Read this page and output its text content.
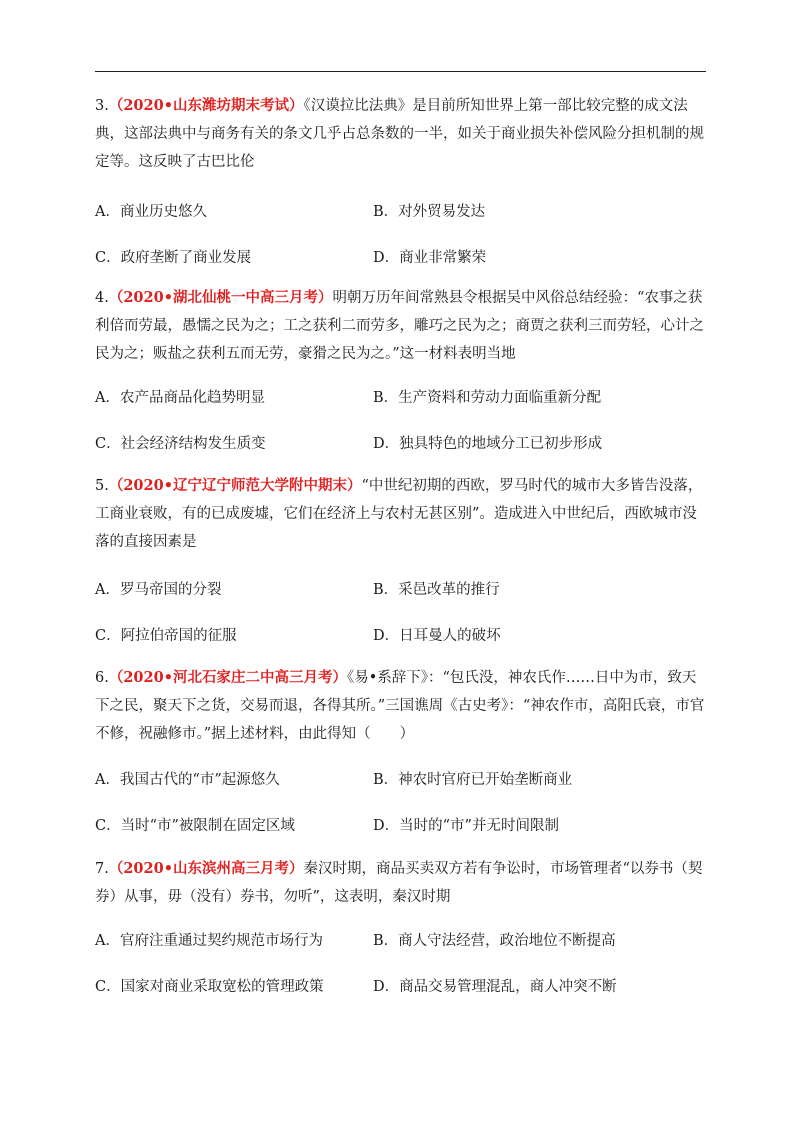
3.（2020•山东潍坊期末考试）《汉谟拉比法典》是目前所知世界上第一部比较完整的成文法典，这部法典中与商务有关的条文几乎占总条数的一半，如关于商业损失补偿风险分担机制的规定等。这反映了古巴比伦

A．商业历史悠久	B．对外贸易发达
C．政府垄断了商业发展	D．商业非常繁荣

4.（2020•湖北仙桃一中高三月考）明朝万历年间常熟县令根据吴中风俗总结经验：“农事之获利倍而劳最，愚懦之民为之；工之获利二而劳多，雕巧之民为之；商贾之获利三而劳轻，心计之民为之；贩盐之获利五而无劳，豪猾之民为之。”这一材料表明当地

A．农产品商品化趋势明显	B．生产资料和劳动力面临重新分配
C．社会经济结构发生质变	D．独具特色的地域分工已初步形成

5.（2020•辽宁辽宁师范大学附中期末）“中世纪初期的西欧，罗马时代的城市大多皆告没落，工商业衰败，有的已成废墟，它们在经济上与农村无甚区别”。造成进入中世纪后，西欧城市没落的直接因素是

A．罗马帝国的分裂	B．采邑改革的推行
C．阿拉伯帝国的征服	D．日耳曼人的破坏

6.（2020•河北石家庄二中高三月考）《易•系辞下》：“包氏没，神农氏作……日中为市，致天下之民，聚天下之货，交易而退，各得其所。”三国谯周《古史考》：“神农作市，高阳氏衰，市官不修，祝融修市。”据上述材料，由此得知（　　）

A．我国古代的“市”起源悠久	B．神农时官府已开始垄断商业
C．当时“市”被限制在固定区域	D．当时的“市”并无时间限制

7.（2020•山东滨州高三月考）秦汉时期，商品买卖双方若有争讼时，市场管理者“以券书（契券）从事，毋（没有）券书，勿听”，这表明，秦汉时期

A．官府注重通过契约规范市场行为	B．商人守法经营，政治地位不断提高
C．国家对商业采取宽松的管理政策	D．商品交易管理混乱，商人冲突不断
